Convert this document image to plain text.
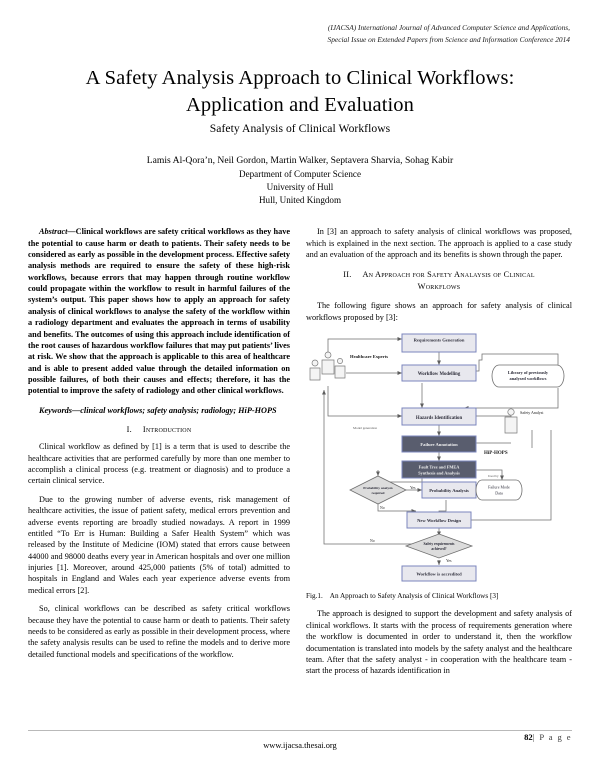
(IJACSA) International Journal of Advanced Computer Science and Applications,
Special Issue on Extended Papers from Science and Information Conference 2014
A Safety Analysis Approach to Clinical Workflows:
Application and Evaluation
Safety Analysis of Clinical Workflows
Lamis Al-Qora’n, Neil Gordon, Martin Walker, Septavera Sharvia, Sohag Kabir
Department of Computer Science
University of Hull
Hull, United Kingdom
Abstract—Clinical workflows are safety critical workflows as they have the potential to cause harm or death to patients. Their safety needs to be considered as early as possible in the development process. Effective safety analysis methods are required to ensure the safety of these high-risk workflows, because errors that may happen through routine workflow could propagate within the workflow to result in harmful failures of the system’s output. This paper shows how to apply an approach for safety analysis of clinical workflows to analyse the safety of the workflow within a radiology department and evaluates the approach in terms of usability and benefits. The outcomes of using this approach include identification of the root causes of hazardous workflow failures that may put patients’ lives at risk. We show that the approach is applicable to this area of healthcare and is able to present added value through the detailed information on possible failures, of both their causes and effects; therefore, it has the potential to improve the safety of radiology and other clinical workflows.
Keywords—clinical workflows; safety analysis; radiology; HiP-HOPS
I. Introduction

Clinical workflow as defined by [1] is a term that is used to describe the healthcare activities that are performed carefully by more than one member to accomplish a clinical process (e.g. treatment or diagnosis) and to produce a certain clinical service.

Due to the growing number of adverse events, risk management of healthcare activities, the issue of patient safety, medical errors prevention and adverse events reporting are broadly studied nowadays. A report in 1999 entitled “To Err is Human: Building a Safer Health System” which was released by the Institute of Medicine (IOM) stated that errors cause between 44000 and 98000 deaths every year in American hospitals and over one million injuries [1]. Moreover, around 425,000 patients (5% of total) admitted to hospitals in England and Wales each year experience adverse events from medical errors [2].

So, clinical workflows can be described as safety critical workflows because they have the potential to cause harm or death to patients. Their safety needs to be considered as early as possible in their development process, where the safety analysis results can be used to refine the models and to derive more detailed functional models and specifications of the workflow.

In [3] an approach to safety analysis of clinical workflows was proposed, which is explained in the next section. The approach is applied to a case study and an evaluation of the approach and its benefits is shown through the paper.

II. An Approach for Safety Analaysis of Clinical
Workflows

The following figure shows an approach for safety analysis of clinical workflows proposed by [3]:

Requirements Generation
Workflow Modelling	Library of previously
analysed workflows
Hazards Identification
Failure Annotation
Fault Tree and FMEA
Synthesis and Analysis
Probability analysis
required	Probability Analysis
New Workflow Design
Safety requirements
achieved?
Failure Mode
Data
Healthcare Experts
Safety Analyst
HiP-HOPS
Model generation
Used by
Yes
No
No
Yes
Workflow is accredited
Fig.1. An Approach to Safety Analysis of Clinical Workflows [3]

The approach is designed to support the development and safety analysis of clinical workflows. It starts with the process of requirements generation where the workflow is documented in order to understand it, then the workflow documentation is translated into models by the safety analyst and the healthcare team. After that the safety analyst - in cooperation with the healthcare team - start the process of hazards identification in

www.ijacsa.thesai.org
82| P a g e
